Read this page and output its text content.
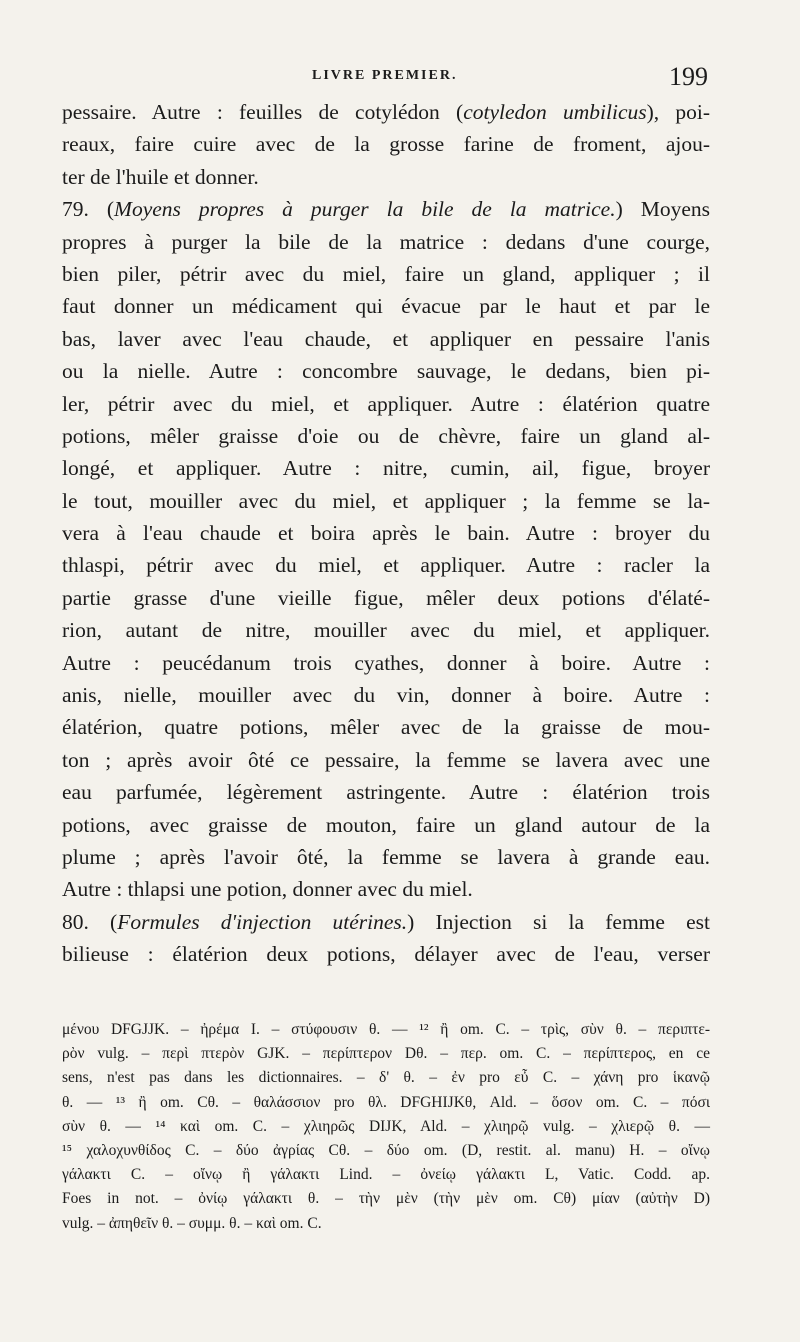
LIVRE PREMIER.	199
pessaire. Autre : feuilles de cotylédon (cotyledon umbilicus), poi-
reaux, faire cuire avec de la grosse farine de froment, ajou-
ter de l'huile et donner.
79. (Moyens propres à purger la bile de la matrice.) Moyens
propres à purger la bile de la matrice : dedans d'une courge,
bien piler, pétrir avec du miel, faire un gland, appliquer ; il
faut donner un médicament qui évacue par le haut et par le
bas, laver avec l'eau chaude, et appliquer en pessaire l'anis
ou la nielle. Autre : concombre sauvage, le dedans, bien pi-
ler, pétrir avec du miel, et appliquer. Autre : élatérion quatre
potions, mêler graisse d'oie ou de chèvre, faire un gland al-
longé, et appliquer. Autre : nitre, cumin, ail, figue, broyer
le tout, mouiller avec du miel, et appliquer ; la femme se la-
vera à l'eau chaude et boira après le bain. Autre : broyer du
thlaspi, pétrir avec du miel, et appliquer. Autre : racler la
partie grasse d'une vieille figue, mêler deux potions d'élaté-
rion, autant de nitre, mouiller avec du miel, et appliquer.
Autre : peucédanum trois cyathes, donner à boire. Autre :
anis, nielle, mouiller avec du vin, donner à boire. Autre :
élatérion, quatre potions, mêler avec de la graisse de mou-
ton ; après avoir ôté ce pessaire, la femme se lavera avec une
eau parfumée, légèrement astringente. Autre : élatérion trois
potions, avec graisse de mouton, faire un gland autour de la
plume ; après l'avoir ôté, la femme se lavera à grande eau.
Autre : thlapsi une potion, donner avec du miel.
80. (Formules d'injection utérines.) Injection si la femme est
bilieuse : élatérion deux potions, délayer avec de l'eau, verser
μένου DFGJJK. – ἠρέμα I. – στύφουσιν θ. — ¹² ἢ om. C. – τρὶς, σὺν θ. – περιπτε-
ρὸν vulg. – περὶ πτερὸν GJK. – περίπτερον Dθ. – περ. om. C. – περίπτερος, en ce
sens, n'est pas dans les dictionnaires. – δ' θ. – ἐν pro εὖ C. – χάνη pro ἱκανῷ
θ. — ¹³ ἢ om. Cθ. – θαλάσσιον pro θλ. DFGHIJKθ, Ald. – ὅσον om. C. – πόσι
σὺν θ. — ¹⁴ καὶ om. C. – χλιηρῶς DIJK, Ald. – χλιηρῷ vulg. – χλιερῷ θ. —
¹⁵ χαλοχυνθίδος C. – δύο ἀγρίας Cθ. – δύο om. (D, restit. al. manu) H. – οἴνῳ
γάλακτι C. – οἴνῳ ἢ γάλακτι Lind. – ὀνείῳ γάλακτι L, Vatic. Codd. ap.
Foes in not. – ὀνίῳ γάλακτι θ. – τὴν μὲν (τὴν μὲν om. Cθ) μίαν (αὐτὴν D)
vulg. – ἀπηθεῖν θ. – συμμ. θ. – καὶ om. C.
